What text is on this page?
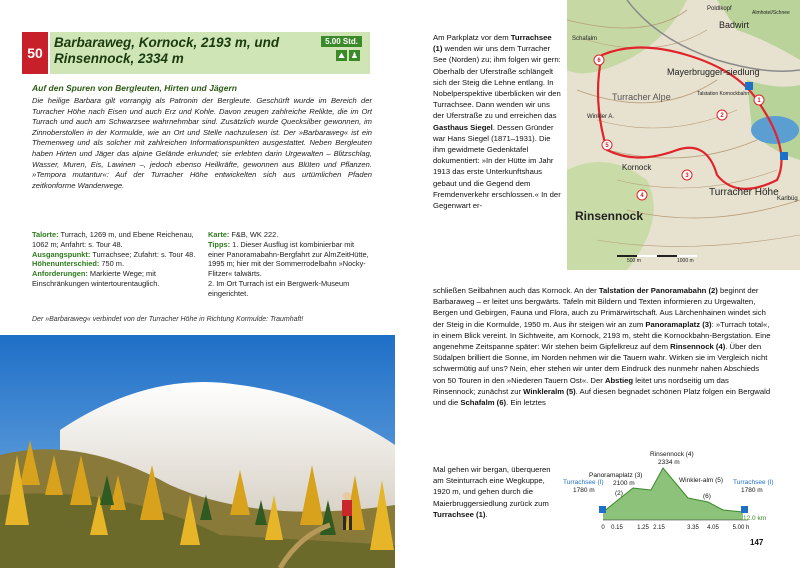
50
Barbaraweg, Kornock, 2193 m, und Rinsennock, 2334 m
5.00 Std.
⛰ ♟
Auf den Spuren von Bergleuten, Hirten und Jägern
Die heilige Barbara gilt vorrangig als Patronin der Bergleute. Geschürft wurde im Bereich der Turracher Höhe nach Eisen und auch Erz und Kohle. Davon zeugen zahlreiche Relikte, die im Ort Turrach und auch am Schwarzsee wahrnehmbar sind. Zusätzlich wurde Quecksilber gewonnen, im Zinnoberstollen in der Kormulde, wie an Ort und Stelle nachzulesen ist. Der »Barbaraweg« ist ein Themenweg und als solcher mit zahlreichen Informationspunkten ausgestattet. Neben Bergleuten haben Hirten und Jäger das alpine Gelände erkundet; sie erlebten darin Urgewalten – Blitzschlag, Wasser, Muren, Eis, Lawinen –, jedoch ebenso Heilkräfte, gewonnen aus Blüten und Pflanzen. »Tempora mutantur«: Auf der Turracher Höhe entwickelten sich aus urtümlichen Pfaden zeitkonforme Wanderwege.
Talorte: Turrach, 1269 m, und Ebene Reichenau, 1062 m; Anfahrt: s. Tour 48.
Ausgangspunkt: Turrachsee; Zufahrt: s. Tour 48.
Höhenunterschied: 750 m.
Anforderungen: Markierte Wege; mit Einschränkungen wintertourentauglich.
Karte: F&B, WK 222.
Tipps: 1. Dieser Ausflug ist kombinierbar mit einer Panoramabahn-Bergfahrt zur AlmZeitHütte, 1995 m; hier mit der Sommerrodelbahn »Nocky-Flitzer« talwärts.
2. Im Ort Turrach ist ein Bergwerk-Museum eingerichtet.
Der »Barbaraweg« verbindet von der Turracher Höhe in Richtung Kormulde: Traumhaft!
1
2
3
4
5
6
Poldlkopf
Badwirt
Almhotel/Schnee
Mayerbrugger-siedlung
Turracher Alpe	Talstation Kornockbahn
Kornock
Turracher Höhe
Rinsennock
Karlbüg
Winkler A.
Schafalm
500 m	1000 m
Am Parkplatz vor dem Turrachsee (1) wenden wir uns dem Turracher See (Norden) zu; ihm folgen wir gern: Oberhalb der Uferstraße schlängelt sich der Steig die Lehne entlang. In Nobelperspektive überblicken wir den Turrachsee. Dann wenden wir uns der Uferstraße zu und erreichen das Gasthaus Siegel. Dessen Gründer war Hans Siegel (1871–1931). Die ihm gewidmete Gedenktafel dokumentiert: »In der Hütte im Jahr 1913 das erste Unterkunftshaus gebaut und die Gegend dem Fremdenverkehr erschlossen.« In der Gegenwart er-
schließen Seilbahnen auch das Kornock. An der Talstation der Panoramabahn (2) beginnt der Barbaraweg – er leitet uns bergwärts. Tafeln mit Bildern und Texten informieren zu Urgewalten, Bergen und Gebirgen, Fauna und Flora, auch zu Primärwirtschaft. Aus Lärchenhainen windet sich der Steig in die Kormulde, 1950 m. Aus ihr steigen wir an zum Panoramaplatz (3): »Turrach total«, in einem Blick vereint. In Sichtweite, am Kornock, 2193 m, steht die Kornockbahn-Bergstation. Eine angenehme Zeitspanne später: Wir stehen beim Gipfelkreuz auf dem Rinsennock (4). Über den Südalpen brilliert die Sonne, im Norden nehmen wir die Tauern wahr. Wirken sie im Vergleich nicht schwermütig auf uns? Nein, eher stehen wir unter dem Eindruck des nunmehr nahen Abschieds von 50 Touren in den »Niederen Tauern Ost«. Der Abstieg leitet uns nordseitig um das Rinsennock; zunächst zur Winkleralm (5). Auf diesen begnadet schönen Platz folgen ein Bergwald und die Schafalm (6). Ein letztes
Mal gehen wir bergan, überqueren am Steinturrach eine Wegkuppe, 1920 m, und gehen durch die Maierbruggersiedlung zurück zum Turrachsee (1).
Turrachsee (I)
1780 m
Panoramaplatz (3)
2100 m
(2)
Rinsennock (4)
2334 m
Winkler-alm (5)
(6)
Turrachsee (I)
1780 m
12.0 km
0 0.15 1.25 2.15	3.35 4.05 5.00 h
147
